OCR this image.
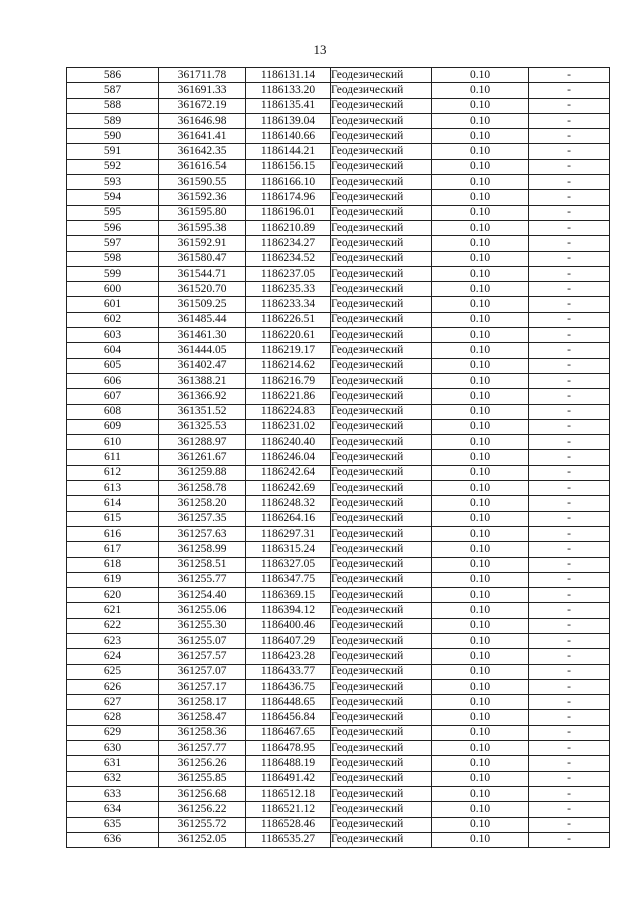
13
586	361711.78	1186131.14	Геодезический	0.10	-
587	361691.33	1186133.20	Геодезический	0.10	-
588	361672.19	1186135.41	Геодезический	0.10	-
589	361646.98	1186139.04	Геодезический	0.10	-
590	361641.41	1186140.66	Геодезический	0.10	-
591	361642.35	1186144.21	Геодезический	0.10	-
592	361616.54	1186156.15	Геодезический	0.10	-
593	361590.55	1186166.10	Геодезический	0.10	-
594	361592.36	1186174.96	Геодезический	0.10	-
595	361595.80	1186196.01	Геодезический	0.10	-
596	361595.38	1186210.89	Геодезический	0.10	-
597	361592.91	1186234.27	Геодезический	0.10	-
598	361580.47	1186234.52	Геодезический	0.10	-
599	361544.71	1186237.05	Геодезический	0.10	-
600	361520.70	1186235.33	Геодезический	0.10	-
601	361509.25	1186233.34	Геодезический	0.10	-
602	361485.44	1186226.51	Геодезический	0.10	-
603	361461.30	1186220.61	Геодезический	0.10	-
604	361444.05	1186219.17	Геодезический	0.10	-
605	361402.47	1186214.62	Геодезический	0.10	-
606	361388.21	1186216.79	Геодезический	0.10	-
607	361366.92	1186221.86	Геодезический	0.10	-
608	361351.52	1186224.83	Геодезический	0.10	-
609	361325.53	1186231.02	Геодезический	0.10	-
610	361288.97	1186240.40	Геодезический	0.10	-
611	361261.67	1186246.04	Геодезический	0.10	-
612	361259.88	1186242.64	Геодезический	0.10	-
613	361258.78	1186242.69	Геодезический	0.10	-
614	361258.20	1186248.32	Геодезический	0.10	-
615	361257.35	1186264.16	Геодезический	0.10	-
616	361257.63	1186297.31	Геодезический	0.10	-
617	361258.99	1186315.24	Геодезический	0.10	-
618	361258.51	1186327.05	Геодезический	0.10	-
619	361255.77	1186347.75	Геодезический	0.10	-
620	361254.40	1186369.15	Геодезический	0.10	-
621	361255.06	1186394.12	Геодезический	0.10	-
622	361255.30	1186400.46	Геодезический	0.10	-
623	361255.07	1186407.29	Геодезический	0.10	-
624	361257.57	1186423.28	Геодезический	0.10	-
625	361257.07	1186433.77	Геодезический	0.10	-
626	361257.17	1186436.75	Геодезический	0.10	-
627	361258.17	1186448.65	Геодезический	0.10	-
628	361258.47	1186456.84	Геодезический	0.10	-
629	361258.36	1186467.65	Геодезический	0.10	-
630	361257.77	1186478.95	Геодезический	0.10	-
631	361256.26	1186488.19	Геодезический	0.10	-
632	361255.85	1186491.42	Геодезический	0.10	-
633	361256.68	1186512.18	Геодезический	0.10	-
634	361256.22	1186521.12	Геодезический	0.10	-
635	361255.72	1186528.46	Геодезический	0.10	-
636	361252.05	1186535.27	Геодезический	0.10	-
